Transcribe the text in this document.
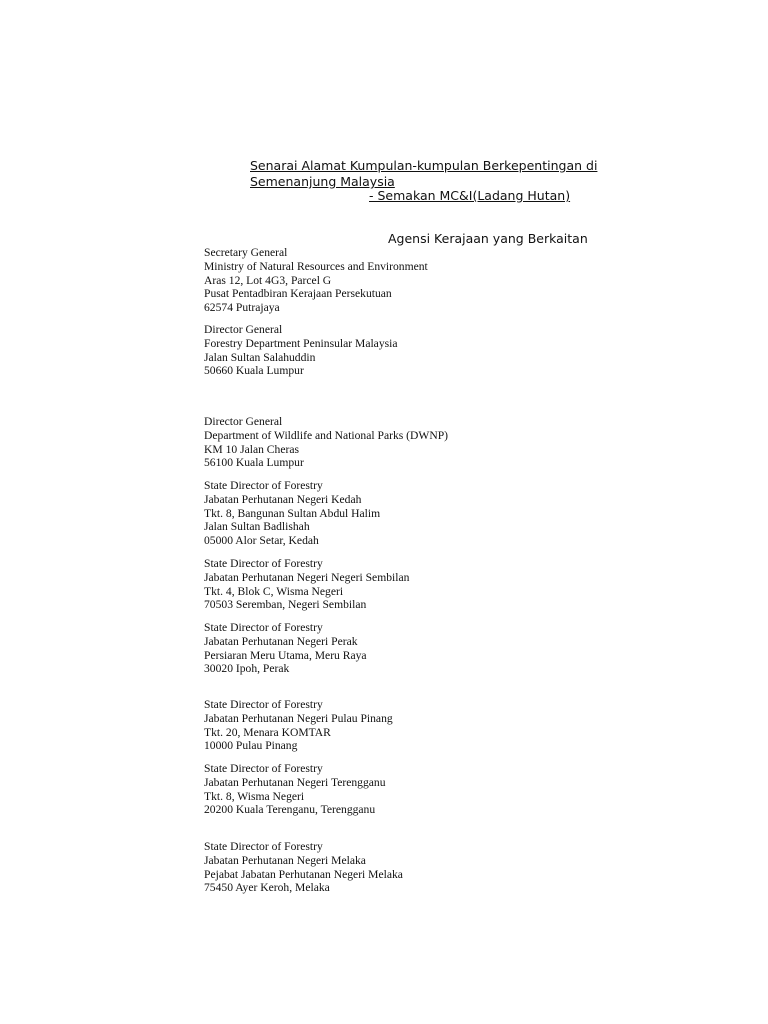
Senarai Alamat Kumpulan-kumpulan Berkepentingan di Semenanjung Malaysia

- Semakan MC&I(Ladang Hutan)

Agensi Kerajaan yang Berkaitan

Secretary General
Ministry of Natural Resources and Environment
Aras 12, Lot 4G3, Parcel G
Pusat Pentadbiran Kerajaan Persekutuan
62574 Putrajaya
Director General
Forestry Department Peninsular Malaysia
Jalan Sultan Salahuddin
50660 Kuala Lumpur
Director General
Department of Wildlife and National Parks (DWNP)
KM 10 Jalan Cheras
56100 Kuala Lumpur
State Director of Forestry
Jabatan Perhutanan Negeri Kedah
Tkt. 8, Bangunan Sultan Abdul Halim
Jalan Sultan Badlishah
05000 Alor Setar, Kedah
State Director of Forestry
Jabatan Perhutanan Negeri Negeri Sembilan
Tkt. 4, Blok C, Wisma Negeri
70503 Seremban, Negeri Sembilan
State Director of Forestry
Jabatan Perhutanan Negeri Perak
Persiaran Meru Utama, Meru Raya
30020 Ipoh, Perak
State Director of Forestry
Jabatan Perhutanan Negeri Pulau Pinang
Tkt. 20, Menara KOMTAR
10000 Pulau Pinang
State Director of Forestry
Jabatan Perhutanan Negeri Terengganu
Tkt. 8, Wisma Negeri
20200 Kuala Terenganu, Terengganu
State Director of Forestry
Jabatan Perhutanan Negeri Melaka
Pejabat Jabatan Perhutanan Negeri Melaka
75450 Ayer Keroh, Melaka
